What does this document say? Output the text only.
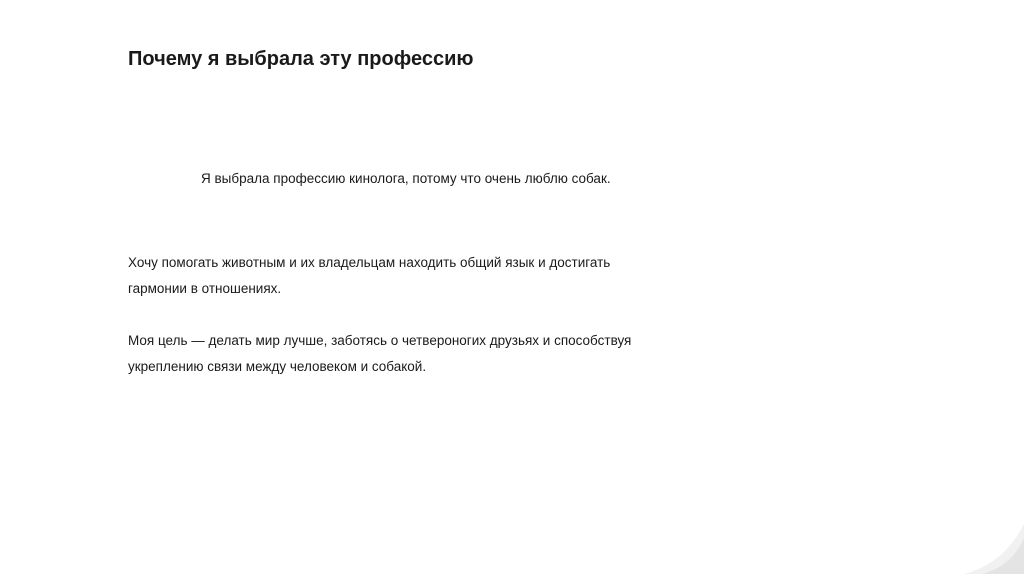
Почему я выбрала эту профессию

Я выбрала профессию кинолога, потому что очень люблю собак.

Хочу помогать животным и их владельцам находить общий язык и достигать гармонии в отношениях.

Моя цель — делать мир лучше, заботясь о четвероногих друзьях и способствуя укреплению связи между человеком и собакой.
